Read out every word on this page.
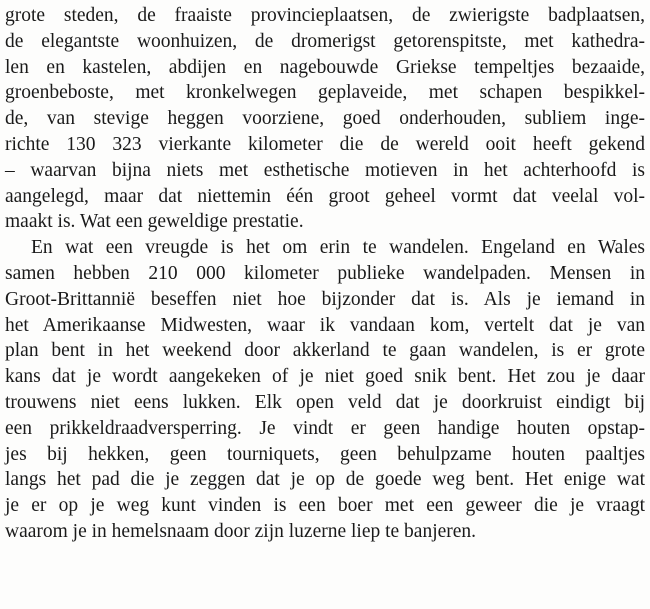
grote steden, de fraaiste provincieplaatsen, de zwierigste badplaatsen,
de elegantste woonhuizen, de dromerigst getorenspitste, met kathedra-
len en kastelen, abdijen en nagebouwde Griekse tempeltjes bezaaide,
groenbeboste, met kronkelwegen geplaveide, met schapen bespikkel-
de, van stevige heggen voorziene, goed onderhouden, subliem inge-
richte 130 323 vierkante kilometer die de wereld ooit heeft gekend
– waarvan bijna niets met esthetische motieven in het achterhoofd is
aangelegd, maar dat niettemin één groot geheel vormt dat veelal vol-
maakt is. Wat een geweldige prestatie.
En wat een vreugde is het om erin te wandelen. Engeland en Wales
samen hebben 210 000 kilometer publieke wandelpaden. Mensen in
Groot-Brittannië beseffen niet hoe bijzonder dat is. Als je iemand in
het Amerikaanse Midwesten, waar ik vandaan kom, vertelt dat je van
plan bent in het weekend door akkerland te gaan wandelen, is er grote
kans dat je wordt aangekeken of je niet goed snik bent. Het zou je daar
trouwens niet eens lukken. Elk open veld dat je doorkruist eindigt bij
een prikkeldraadversperring. Je vindt er geen handige houten opstap-
jes bij hekken, geen tourniquets, geen behulpzame houten paaltjes
langs het pad die je zeggen dat je op de goede weg bent. Het enige wat
je er op je weg kunt vinden is een boer met een geweer die je vraagt
waarom je in hemelsnaam door zijn luzerne liep te banjeren.
